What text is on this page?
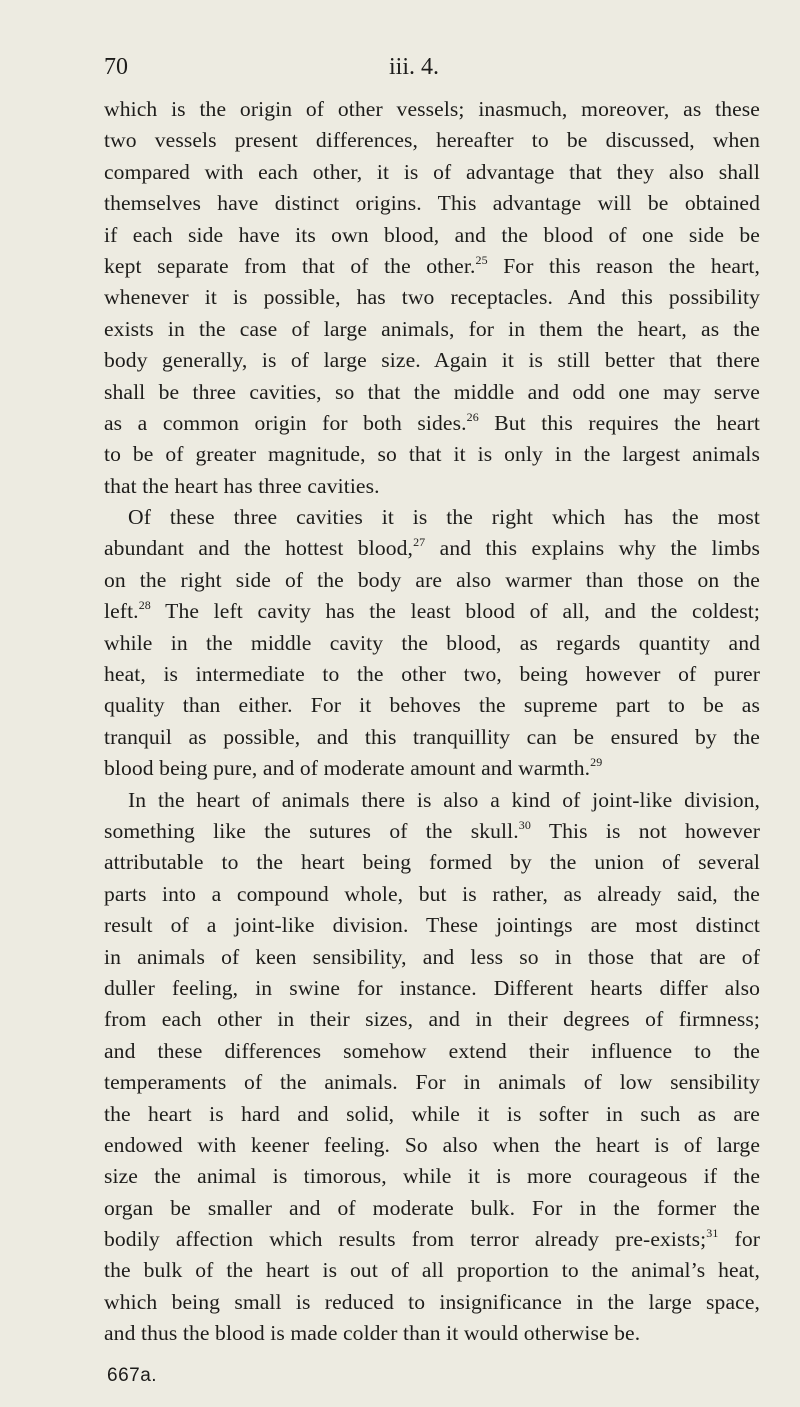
70	iii. 4.
which is the origin of other vessels; inasmuch, moreover, as these
two vessels present differences, hereafter to be discussed, when
compared with each other, it is of advantage that they also shall
themselves have distinct origins. This advantage will be obtained
if each side have its own blood, and the blood of one side be
kept separate from that of the other.$^{25}$ For this reason the heart,
whenever it is possible, has two receptacles. And this possibility
exists in the case of large animals, for in them the heart, as the
body generally, is of large size. Again it is still better that there
shall be three cavities, so that the middle and odd one may serve
as a common origin for both sides.$^{26}$ But this requires the heart
to be of greater magnitude, so that it is only in the largest animals
that the heart has three cavities.
Of these three cavities it is the right which has the most
abundant and the hottest blood,$^{27}$ and this explains why the limbs
on the right side of the body are also warmer than those on the
left.$^{28}$ The left cavity has the least blood of all, and the coldest;
while in the middle cavity the blood, as regards quantity and
heat, is intermediate to the other two, being however of purer
quality than either. For it behoves the supreme part to be as
tranquil as possible, and this tranquillity can be ensured by the
blood being pure, and of moderate amount and warmth.$^{29}$
In the heart of animals there is also a kind of joint-like division,
something like the sutures of the skull.$^{30}$ This is not however
attributable to the heart being formed by the union of several
parts into a compound whole, but is rather, as already said, the
result of a joint-like division. These jointings are most distinct
in animals of keen sensibility, and less so in those that are of
duller feeling, in swine for instance. Different hearts differ also
from each other in their sizes, and in their degrees of firmness;
and these differences somehow extend their influence to the
temperaments of the animals. For in animals of low sensibility
the heart is hard and solid, while it is softer in such as are
endowed with keener feeling. So also when the heart is of large
size the animal is timorous, while it is more courageous if the
organ be smaller and of moderate bulk. For in the former the
bodily affection which results from terror already pre-exists;$^{31}$ for
the bulk of the heart is out of all proportion to the animal’s heat,
which being small is reduced to insignificance in the large space,
and thus the blood is made colder than it would otherwise be.
667a.
